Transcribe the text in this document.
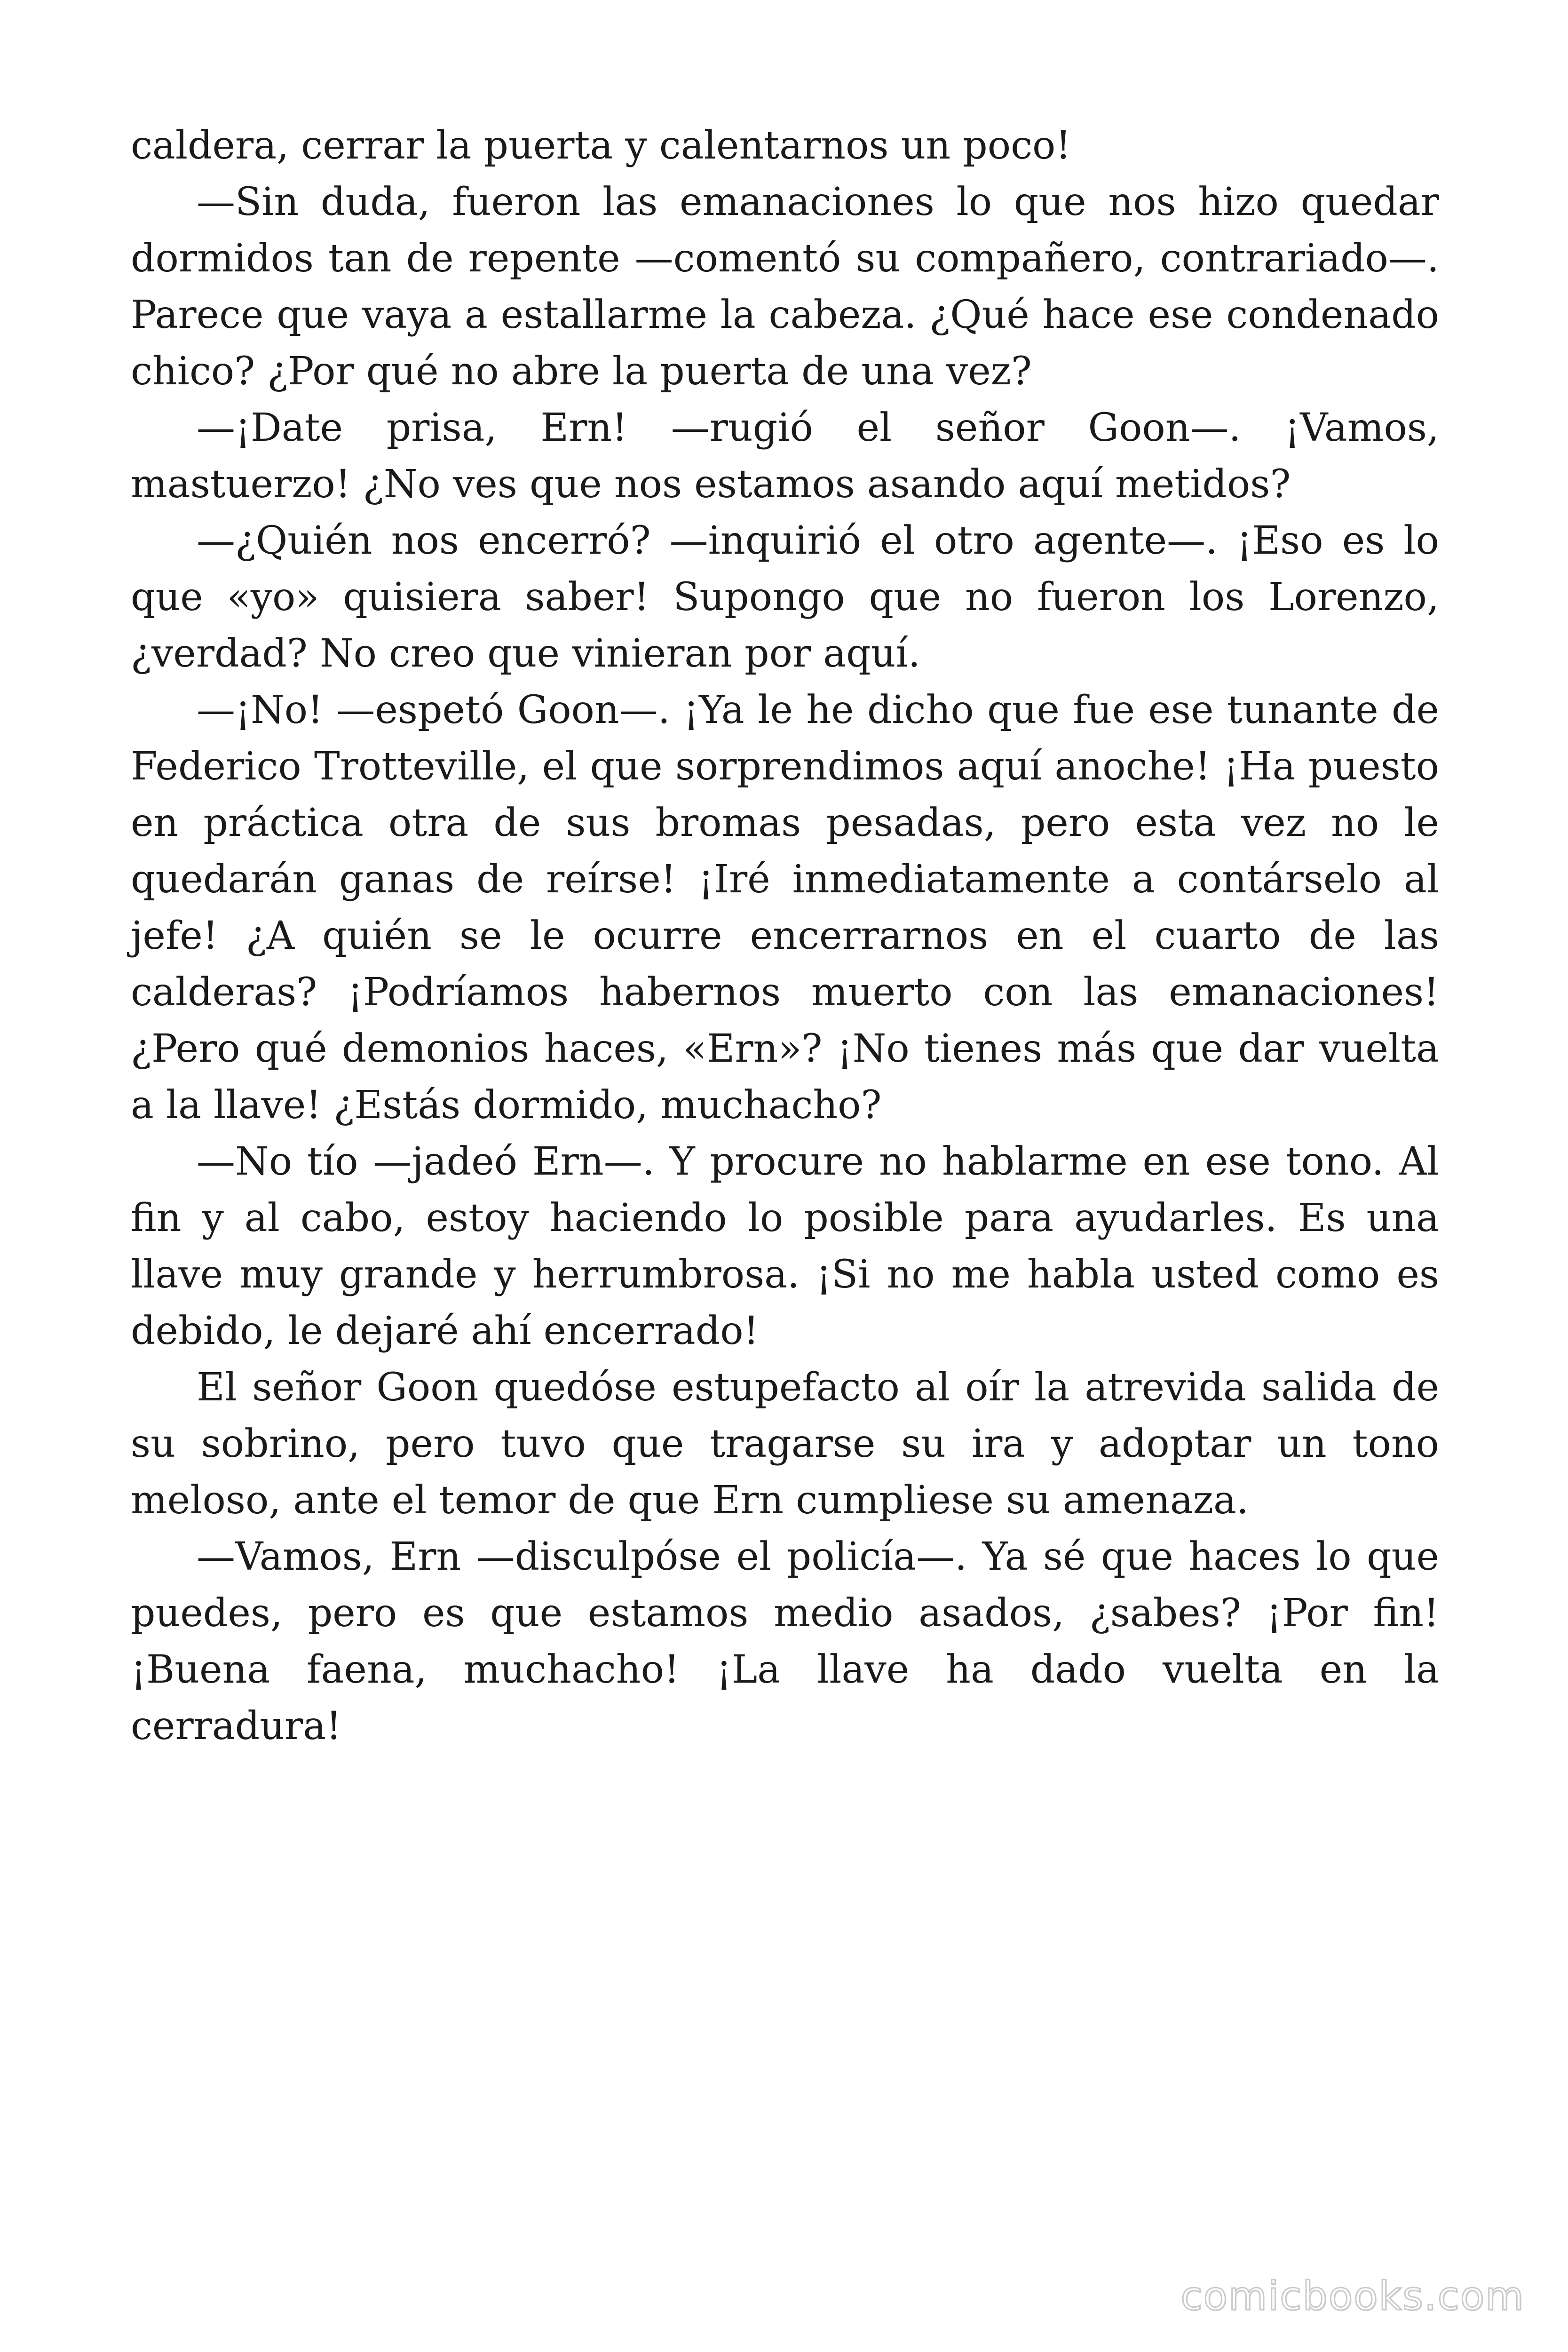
caldera, cerrar la puerta y calentarnos un poco!

—Sin duda, fueron las emanaciones lo que nos hizo quedar dormidos tan de repente —comentó su compañero, contrariado—. Parece que vaya a estallarme la cabeza. ¿Qué hace ese condenado chico? ¿Por qué no abre la puerta de una vez?

—¡Date prisa, Ern! —rugió el señor Goon—. ¡Vamos, mastuerzo! ¿No ves que nos estamos asando aquí metidos?

—¿Quién nos encerró? —inquirió el otro agente—. ¡Eso es lo que «yo» quisiera saber! Supongo que no fueron los Lorenzo, ¿verdad? No creo que vinieran por aquí.

—¡No! —espetó Goon—. ¡Ya le he dicho que fue ese tunante de Federico Trotteville, el que sorprendimos aquí anoche! ¡Ha puesto en práctica otra de sus bromas pesadas, pero esta vez no le quedarán ganas de reírse! ¡Iré inmediatamente a contárselo al jefe! ¿A quién se le ocurre encerrarnos en el cuarto de las calderas? ¡Podríamos habernos muerto con las emanaciones! ¿Pero qué demonios haces, «Ern»? ¡No tienes más que dar vuelta a la llave! ¿Estás dormido, muchacho?

—No tío —jadeó Ern—. Y procure no hablarme en ese tono. Al fin y al cabo, estoy haciendo lo posible para ayudarles. Es una llave muy grande y herrumbrosa. ¡Si no me habla usted como es debido, le dejaré ahí encerrado!

El señor Goon quedóse estupefacto al oír la atrevida salida de su sobrino, pero tuvo que tragarse su ira y adoptar un tono meloso, ante el temor de que Ern cumpliese su amenaza.

—Vamos, Ern —disculpóse el policía—. Ya sé que haces lo que puedes, pero es que estamos medio asados, ¿sabes? ¡Por fin! ¡Buena faena, muchacho! ¡La llave ha dado vuelta en la cerradura!

comicbooks.com
